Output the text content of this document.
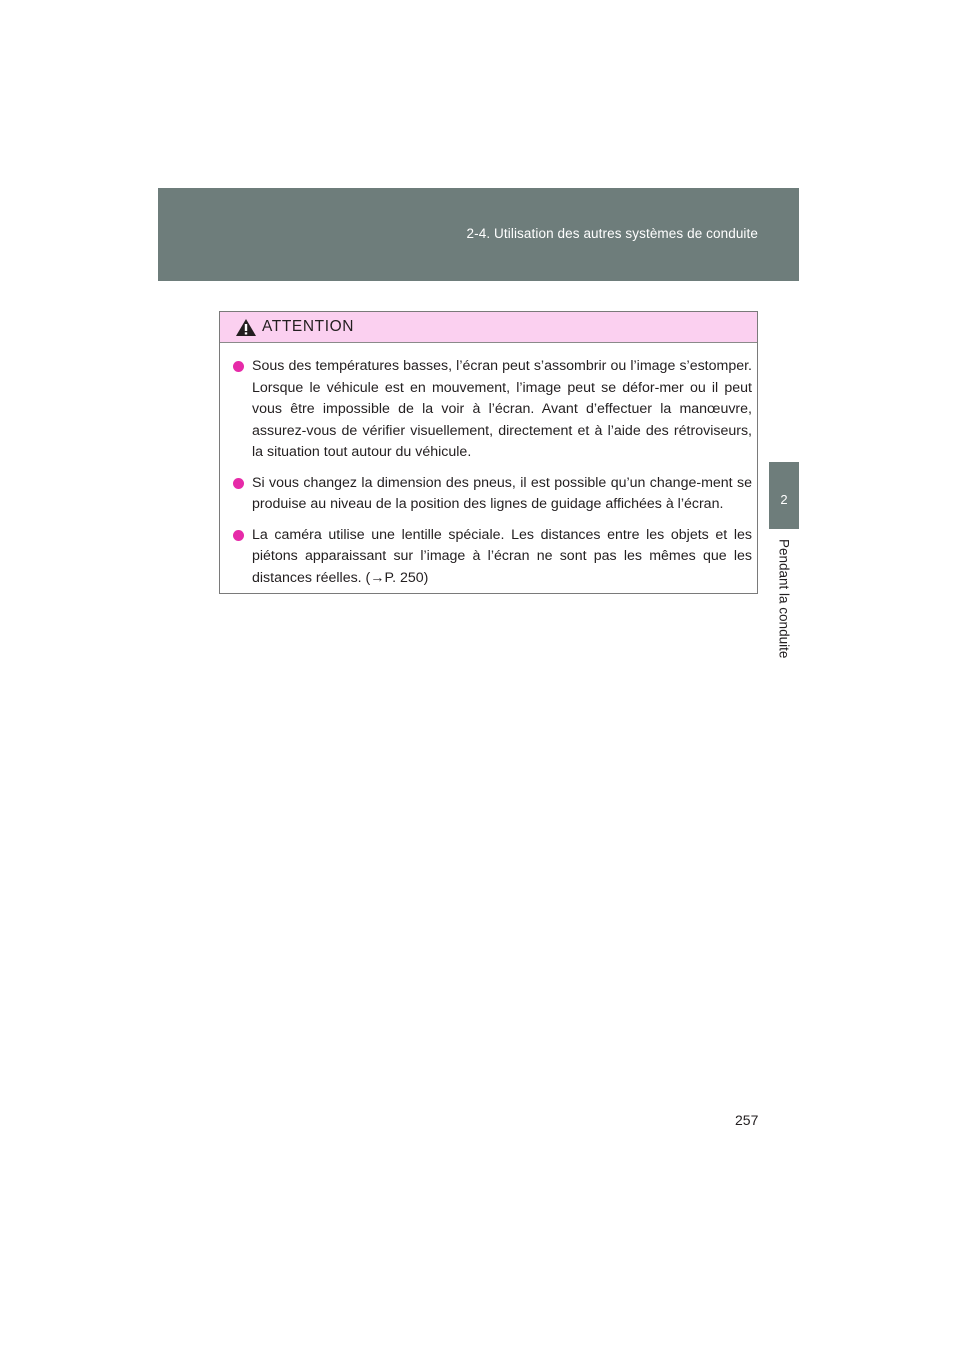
2-4. Utilisation des autres systèmes de conduite
2
Pendant la conduite
ATTENTION
Sous des températures basses, l’écran peut s’assombrir ou l’image s’estomper. Lorsque le véhicule est en mouvement, l’image peut se défor-mer ou il peut vous être impossible de la voir à l’écran. Avant d’effectuer la manœuvre, assurez-vous de vérifier visuellement, directement et à l’aide des rétroviseurs, la situation tout autour du véhicule.
Si vous changez la dimension des pneus, il est possible qu’un change-ment se produise au niveau de la position des lignes de guidage affichées à l’écran.
La caméra utilise une lentille spéciale. Les distances entre les objets et les piétons apparaissant sur l’image à l’écran ne sont pas les mêmes que les distances réelles. (→P. 250)
257
